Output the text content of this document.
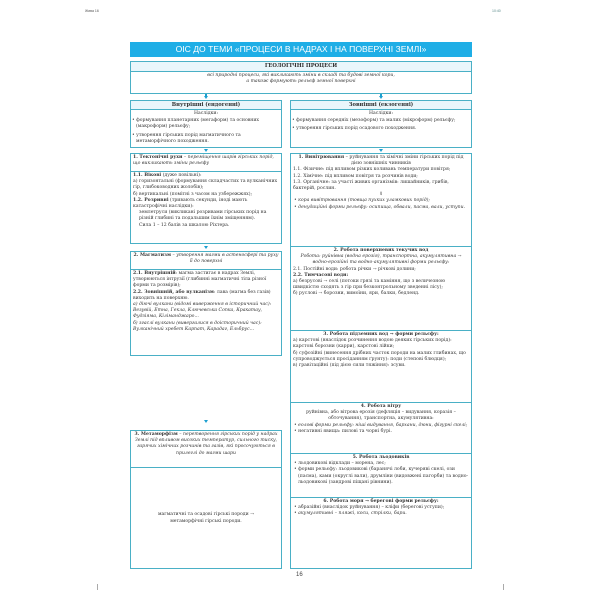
Жива 16	10:40
ОІС ДО ТЕМИ «ПРОЦЕСИ В НАДРАХ І НА ПОВЕРХНІ ЗЕМЛІ»
ГЕОЛОГІЧНІ ПРОЦЕСИ
всі природні процеси, які викликають зміни в складі та будові земної кори,
а також формують рельєф земної поверхні
Внутрішні (ендогенні)
Наслідки:
• формування планетарних (мегаформ) та основних (макроформ) рельєфу;
• утворення гірських порід магматичного та метаморфічного походження.
1. Тектонічні рухи – переміщення шарів гірських порід, що викликають зміни рельєфу
1.1. Вікові (дуже повільні):
а) горизонтальні (формування складчастих та вулканічних гір, глибоководних жолобів);
б) вертикальні (помітні з часом на узбережжях);
1.2. Розривні (тривають секунди, іноді мають катастрофічні наслідки):
землетруси (викликані розривами гірських порід на різній глибині та подальшим їхнім зміщенням).
Сила 1 – 12 балів за шкалою Ріхтера.
2. Магматизм – утворення магми в астеносфері та руху її до поверхні
2.1. Внутрішній: магма застигає в надрах Землі, утворюються інтрузії (глибинні магматичні тіла різної форми та розмірів);
2.2. Зовнішній, або вулканізм: лава (магма без газів) виходить на поверхню.
а) діючі вулкани (відомі виверження в історичний час): Везувій, Етна, Гекла, Ключевська Сопка, Кракатау, Фудзіяма, Кіліманджаро...
б) згаслі вулкани (вивергалися в доісторичний час): Вулканічний хребет Карпат, Карадаг, Ельбрус...
3. Метаморфізм – перетворення гірських порід у надрах Землі під впливом високих температур, сильного тиску, гарячих хімічних розчинів та газів, які просочуються в прилеглі до магми шари
магматичні та осадові гірські породи → метаморфічні гірські породи.
Зовнішні (екзогенні)
Наслідки:
• формування середніх (мезоформ) та малих (мікроформ) рельєфу;
• утворення гірських порід осадового походження.
1. Вивітрювання – руйнування та хімічні зміни гірських порід під дією зовнішніх чинників
1.1. Фізичне: під впливом різких коливань температури повітря;
1.2. Хімічне: під впливом повітря та розчинів води;
1.3. Органічне: за участі живих організмів: лишайників, грибів, бактерій, рослин.
⇓
• кора вивітрювання (товща пухких уламкових порід);
• денудаційні форми рельєфу: осипища, обвали, пасма, вали, уступи.
2. Робота поверхневих текучих вод
Робота: руйнівна (водна ерозія), транспортна, акумулятивна → водно-ерозійні та водно-акумулятивні форми рельєфу:
2.1. Постійні води: робота річки → річкові долини;
2.2. Тимчасові води:
а) безрусові → селі (потоки грязі та каміння, що з величезною швидкістю сходять з гір при безконтрольному зведенні лісу);
б) руслові → борозни, вимоїни, яри, балки, бедленд.
3. Робота підземних вод → форми рельєфу:
а) карстові (внаслідок розчинення водою деяких гірських порід): карстові борозни (карри), карстові лійки;
б) суфозійні (винесення дрібних часток породи на малих глибинах, що супроводжується просіданням ґрунту): поди (степові блюдця);
в) гравітаційні (під дією сили тяжіння): зсуви.
4. Робота вітру
руйнівна, або вітрова ерозія (дефляція – видування, коразія – обточування), транспортна, акумулятивна:
• еолові форми рельєфу: ніші видування, бархани, дюни, фігурні скелі;
• негативні явища: пилові та чорні бурі.
5. Робота льодовиків
• льодовикові відклади – морена, лес;
• форми рельєфу: льодовикові (баранячі лоби, кучеряві скелі, ози (пасма), ками (округлі вали), друмліни (видовжені пагорби) та водно-льодовикові (зандрові піщані рівнини).
6. Робота моря → берегові форми рельєфу:
• абразійні (внаслідок руйнування) – кліфи (берегові уступи);
• акумулятивні – пляжі, коси, стрілки, бари.
16
